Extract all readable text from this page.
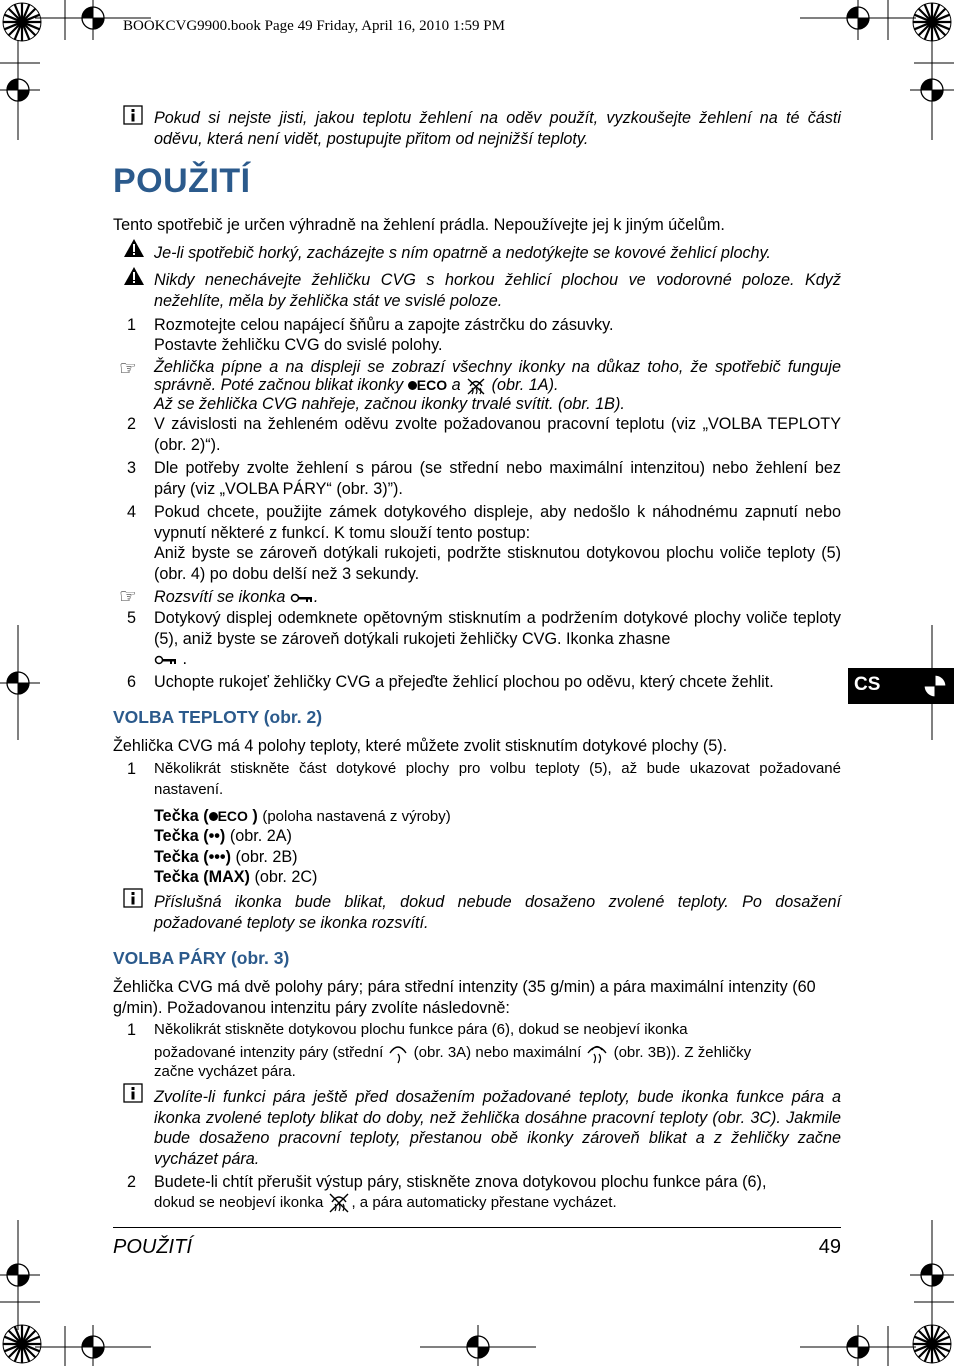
BOOKCVG9900.book Page 49 Friday, April 16, 2010 1:59 PM
CS
Pokud si nejste jisti, jakou teplotu žehlení na oděv použít, vyzkoušejte žehlení na té části oděvu, která není vidět, postupujte přitom od nejnižší teploty.
POUŽITÍ
Tento spotřebič je určen výhradně na žehlení prádla. Nepoužívejte jej k jiným účelům.
Je-li spotřebič horký, zacházejte s ním opatrně a nedotýkejte se kovové žehlicí plochy.
Nikdy nenechávejte žehličku CVG s horkou žehlicí plochou ve vodorovné poloze. Když nežehlíte, měla by žehlička stát ve svislé poloze.
1 Rozmotejte celou napájecí šňůru a zapojte zástrčku do zásuvky.
Postavte žehličku CVG do svislé polohy.
☞ Žehlička pípne a na displeji se zobrazí všechny ikonky na důkaz toho, že spotřebič funguje správně. Poté začnou blikat ikonky ECO a (obr. 1A).
Až se žehlička CVG nahřeje, začnou ikonky trvalé svítit. (obr. 1B).
2 V závislosti na žehleném oděvu zvolte požadovanou pracovní teplotu (viz „VOLBA TEPLOTY (obr. 2)“).
3 Dle potřeby zvolte žehlení s párou (se střední nebo maximální intenzitou) nebo žehlení bez páry (viz „VOLBA PÁRY“ (obr. 3)”).
4 Pokud chcete, použijte zámek dotykového displeje, aby nedošlo k náhodnému zapnutí nebo vypnutí některé z funkcí. K tomu slouží tento postup:
Aniž byste se zároveň dotýkali rukojeti, podržte stisknutou dotykovou plochu voliče teploty (5) (obr. 4) po dobu delší než 3 sekundy.
☞ Rozsvítí se ikonka .
5 Dotykový displej odemknete opětovným stisknutím a podržením dotykové plochy voliče teploty (5), aniž byste se zároveň dotýkali rukojeti žehličky CVG. Ikonka zhasne
.
6 Uchopte rukojeť žehličky CVG a přejeďte žehlicí plochou po oděvu, který chcete žehlit.
VOLBA TEPLOTY (obr. 2)
Žehlička CVG má 4 polohy teploty, které můžete zvolit stisknutím dotykové plochy (5).
1 Několikrát stiskněte část dotykové plochy pro volbu teploty (5), až bude ukazovat požadované nastavení.
Tečka ( ECO ) (poloha nastavená z výroby)
Tečka (••) (obr. 2A)
Tečka (•••) (obr. 2B)
Tečka (MAX) (obr. 2C)
Příslušná ikonka bude blikat, dokud nebude dosaženo zvolené teploty. Po dosažení požadované teploty se ikonka rozsvítí.
VOLBA PÁRY (obr. 3)
Žehlička CVG má dvě polohy páry; pára střední intenzity (35 g/min) a pára maximální intenzity (60 g/min). Požadovanou intenzitu páry zvolíte následovně:
1 Několikrát stiskněte dotykovou plochu funkce pára (6), dokud se neobjeví ikonka
požadované intenzity páry (střední (obr. 3A) nebo maximální (obr. 3B)). Z žehličky
začne vycházet pára.
Zvolíte-li funkci pára ještě před dosažením požadované teploty, bude ikonka funkce pára a ikonka zvolené teploty blikat do doby, než žehlička dosáhne pracovní teploty (obr. 3C). Jakmile bude dosaženo pracovní teploty, přestanou obě ikonky zároveň blikat a z žehličky začne vycházet pára.
2 Budete-li chtít přerušit výstup páry, stiskněte znova dotykovou plochu funkce pára (6),
dokud se neobjeví ikonka , a pára automaticky přestane vycházet.
POUŽITÍ	49
